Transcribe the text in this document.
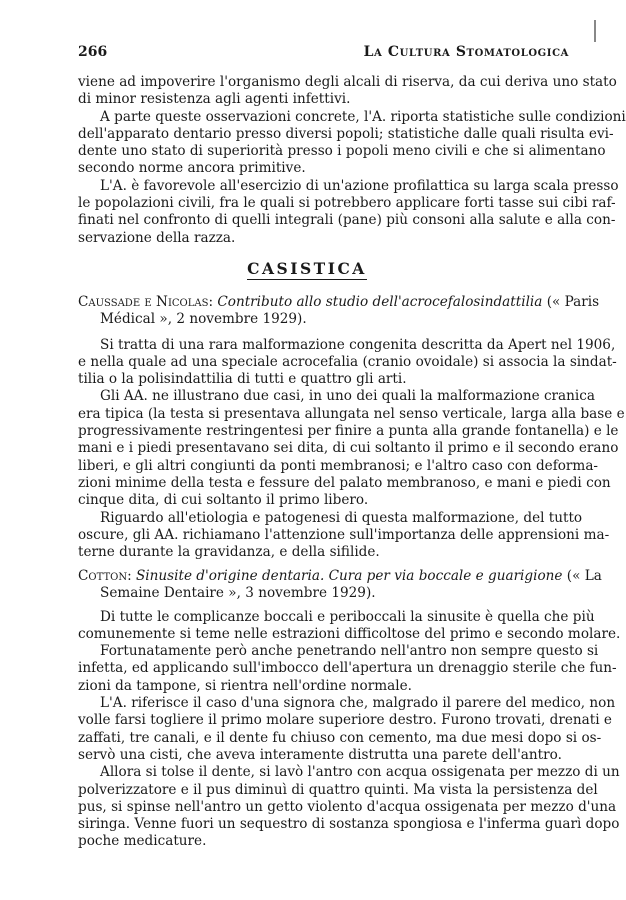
266	La Cultura Stomatologica
viene ad impoverire l'organismo degli alcali di riserva, da cui deriva uno stato
di minor resistenza agli agenti infettivi.
A parte queste osservazioni concrete, l'A. riporta statistiche sulle condizioni
dell'apparato dentario presso diversi popoli; statistiche dalle quali risulta evi-
dente uno stato di superiorità presso i popoli meno civili e che si alimentano
secondo norme ancora primitive.
L'A. è favorevole all'esercizio di un'azione profilattica su larga scala presso
le popolazioni civili, fra le quali si potrebbero applicare forti tasse sui cibi raf-
finati nel confronto di quelli integrali (pane) più consoni alla salute e alla con-
servazione della razza.
CASISTICA
Caussade e Nicolas: Contributo allo studio dell'acrocefalosindattilia (« Paris
Médical », 2 novembre 1929).
Si tratta di una rara malformazione congenita descritta da Apert nel 1906,
e nella quale ad una speciale acrocefalia (cranio ovoidale) si associa la sindat-
tilia o la polisindattilia di tutti e quattro gli arti.
Gli AA. ne illustrano due casi, in uno dei quali la malformazione cranica
era tipica (la testa si presentava allungata nel senso verticale, larga alla base e
progressivamente restringentesi per finire a punta alla grande fontanella) e le
mani e i piedi presentavano sei dita, di cui soltanto il primo e il secondo erano
liberi, e gli altri congiunti da ponti membranosi; e l'altro caso con deforma-
zioni minime della testa e fessure del palato membranoso, e mani e piedi con
cinque dita, di cui soltanto il primo libero.
Riguardo all'etiologia e patogenesi di questa malformazione, del tutto
oscure, gli AA. richiamano l'attenzione sull'importanza delle apprensioni ma-
terne durante la gravidanza, e della sifilide.
Cotton: Sinusite d'origine dentaria. Cura per via boccale e guarigione (« La
Semaine Dentaire », 3 novembre 1929).
Di tutte le complicanze boccali e periboccali la sinusite è quella che più
comunemente si teme nelle estrazioni difficoltose del primo e secondo molare.
Fortunatamente però anche penetrando nell'antro non sempre questo si
infetta, ed applicando sull'imbocco dell'apertura un drenaggio sterile che fun-
zioni da tampone, si rientra nell'ordine normale.
L'A. riferisce il caso d'una signora che, malgrado il parere del medico, non
volle farsi togliere il primo molare superiore destro. Furono trovati, drenati e
zaffati, tre canali, e il dente fu chiuso con cemento, ma due mesi dopo si os-
servò una cisti, che aveva interamente distrutta una parete dell'antro.
Allora si tolse il dente, si lavò l'antro con acqua ossigenata per mezzo di un
polverizzatore e il pus diminuì di quattro quinti. Ma vista la persistenza del
pus, si spinse nell'antro un getto violento d'acqua ossigenata per mezzo d'una
siringa. Venne fuori un sequestro di sostanza spongiosa e l'inferma guarì dopo
poche medicature.
